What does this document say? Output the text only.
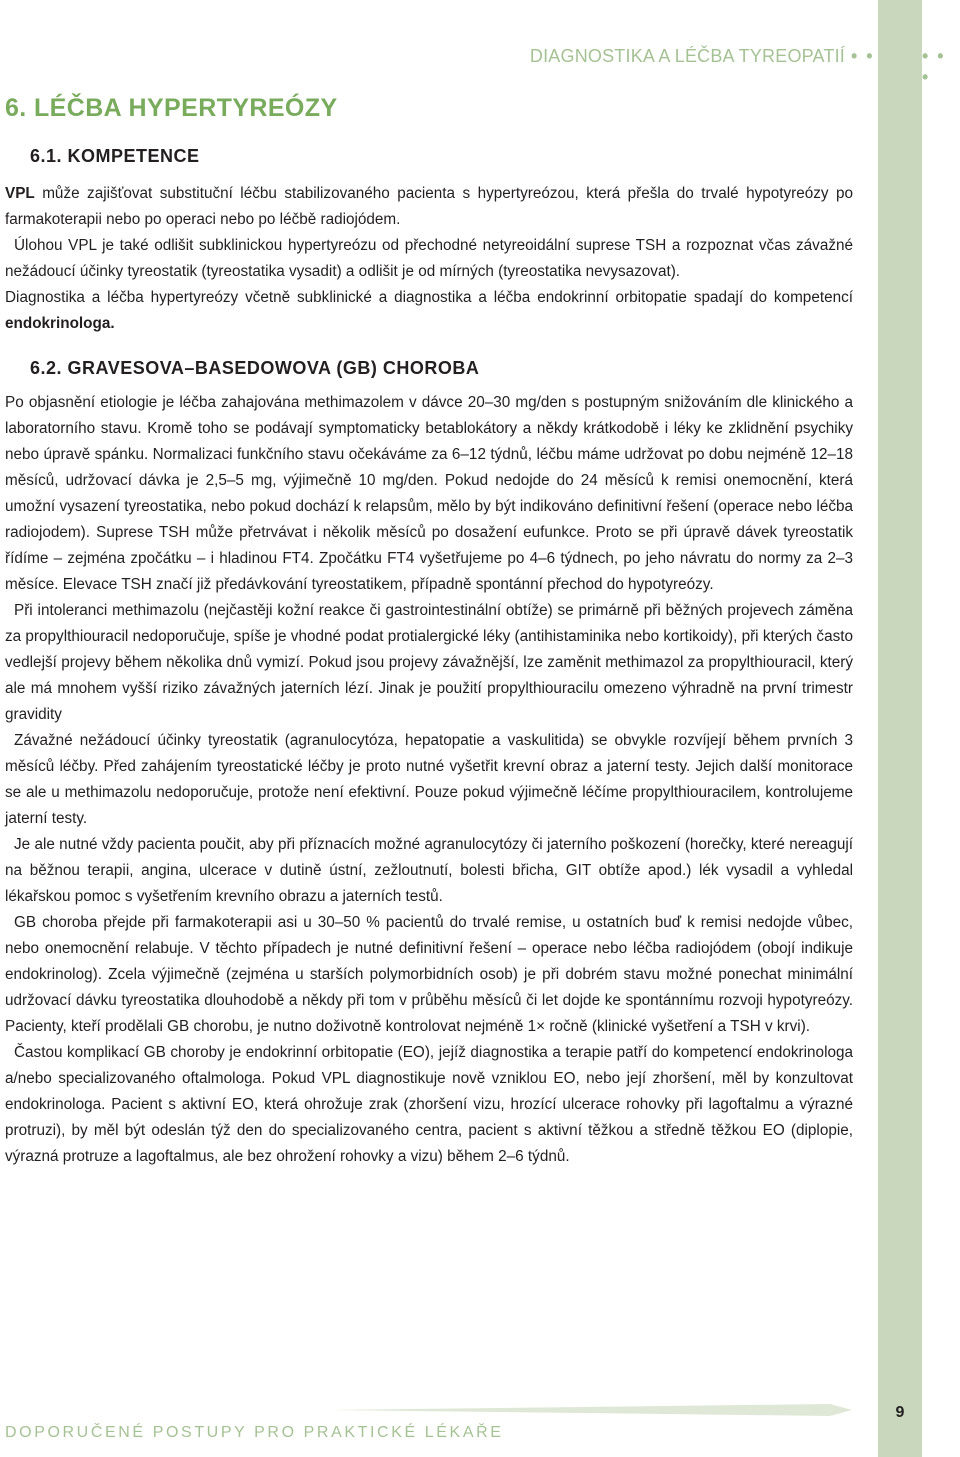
DIAGNOSTIKA A LÉČBA TYREOPATIÍ • •	• • •
6. LÉČBA HYPERTYREÓZY
6.1. KOMPETENCE

VPL může zajišťovat substituční léčbu stabilizovaného pacienta s hypertyreózou, která přešla do trvalé hypotyreózy po farmakoterapii nebo po operaci nebo po léčbě radiojódem.

Úlohou VPL je také odlišit subklinickou hypertyreózu od přechodné netyreoidální suprese TSH a rozpoznat včas závažné nežádoucí účinky tyreostatik (tyreostatika vysadit) a odlišit je od mírných (tyreostatika nevysazovat).

Diagnostika a léčba hypertyreózy včetně subklinické a diagnostika a léčba endokrinní orbitopatie spadají do kompetencí endokrinologa.

6.2. GRAVESOVA–BASEDOWOVA (GB) CHOROBA

Po objasnění etiologie je léčba zahajována methimazolem v dávce 20–30 mg/den s postupným snižováním dle klinického a laboratorního stavu. Kromě toho se podávají symptomaticky betablokátory a někdy krátkodobě i léky ke zklidnění psychiky nebo úpravě spánku. Normalizaci funkčního stavu očekáváme za 6–12 týdnů, léčbu máme udržovat po dobu nejméně 12–18 měsíců, udržovací dávka je 2,5–5 mg, výjimečně 10 mg/den. Pokud nedojde do 24 měsíců k remisi onemocnění, která umožní vysazení tyreostatika, nebo pokud dochází k relapsům, mělo by být indikováno definitivní řešení (operace nebo léčba radiojodem). Suprese TSH může přetrvávat i několik měsíců po dosažení eufunkce. Proto se při úpravě dávek tyreostatik řídíme – zejména zpočátku – i hladinou FT4. Zpočátku FT4 vyšetřujeme po 4–6 týdnech, po jeho návratu do normy za 2–3 měsíce. Elevace TSH značí již předávkování tyreostatikem, případně spontánní přechod do hypotyreózy.

Při intoleranci methimazolu (nejčastěji kožní reakce či gastrointestinální obtíže) se primárně při běžných projevech záměna za propylthiouracil nedoporučuje, spíše je vhodné podat protialergické léky (antihistaminika nebo kortikoidy), při kterých často vedlejší projevy během několika dnů vymizí. Pokud jsou projevy závažnější, lze zaměnit methimazol za propylthiouracil, který ale má mnohem vyšší riziko závažných jaterních lézí. Jinak je použití propylthiouracilu omezeno výhradně na první trimestr gravidity

Závažné nežádoucí účinky tyreostatik (agranulocytóza, hepatopatie a vaskulitida) se obvykle rozvíjejí během prvních 3 měsíců léčby. Před zahájením tyreostatické léčby je proto nutné vyšetřit krevní obraz a jaterní testy. Jejich další monitorace se ale u methimazolu nedoporučuje, protože není efektivní. Pouze pokud výjimečně léčíme propylthiouracilem, kontrolujeme jaterní testy.

Je ale nutné vždy pacienta poučit, aby při příznacích možné agranulocytózy či jaterního poškození (horečky, které nereagují na běžnou terapii, angina, ulcerace v dutině ústní, zežloutnutí, bolesti břicha, GIT obtíže apod.) lék vysadil a vyhledal lékařskou pomoc s vyšetřením krevního obrazu a jaterních testů.

GB choroba přejde při farmakoterapii asi u 30–50 % pacientů do trvalé remise, u ostatních buď k remisi nedojde vůbec, nebo onemocnění relabuje. V těchto případech je nutné definitivní řešení – operace nebo léčba radiojódem (obojí indikuje endokrinolog). Zcela výjimečně (zejména u starších polymorbidních osob) je při dobrém stavu možné ponechat minimální udržovací dávku tyreostatika dlouhodobě a někdy při tom v průběhu měsíců či let dojde ke spontánnímu rozvoji hypotyreózy. Pacienty, kteří prodělali GB chorobu, je nutno doživotně kontrolovat nejméně 1× ročně (klinické vyšetření a TSH v krvi).

Častou komplikací GB choroby je endokrinní orbitopatie (EO), jejíž diagnostika a terapie patří do kompetencí endokrinologa a/nebo specializovaného oftalmologa. Pokud VPL diagnostikuje nově vzniklou EO, nebo její zhoršení, měl by konzultovat endokrinologa. Pacient s aktivní EO, která ohrožuje zrak (zhoršení vizu, hrozící ulcerace rohovky při lagoftalmu a výrazné protruzi), by měl být odeslán týž den do specializovaného centra, pacient s aktivní těžkou a středně těžkou EO (diplopie, výrazná protruze a lagoftalmus, ale bez ohrožení rohovky a vizu) během 2–6 týdnů.

DOPORUČENÉ POSTUPY PRO PRAKTICKÉ LÉKAŘE
9
